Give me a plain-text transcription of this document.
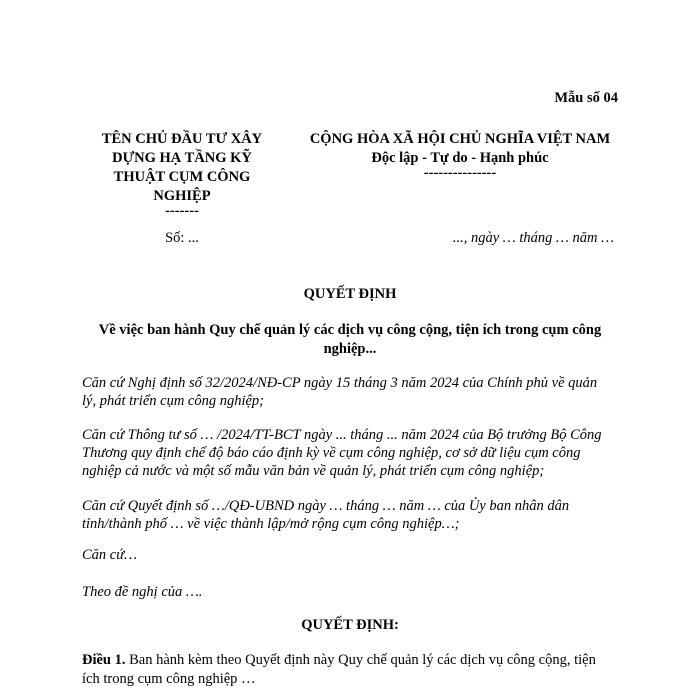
Mẫu số 04
TÊN CHỦ ĐẦU TƯ XÂY
DỰNG HẠ TẦNG KỸ
THUẬT CỤM CÔNG
NGHIỆP
-------
CỘNG HÒA XÃ HỘI CHỦ NGHĨA VIỆT NAM
Độc lập - Tự do - Hạnh phúc
---------------
Số: ...	..., ngày … tháng … năm …
QUYẾT ĐỊNH
Về việc ban hành Quy chế quản lý các dịch vụ công cộng, tiện ích trong cụm công
nghiệp...
Căn cứ Nghị định số 32/2024/NĐ-CP ngày 15 tháng 3 năm 2024 của Chính phủ về quản
lý, phát triển cụm công nghiệp;
Căn cứ Thông tư số … /2024/TT-BCT ngày ... tháng ... năm 2024 của Bộ trưởng Bộ Công
Thương quy định chế độ báo cáo định kỳ về cụm công nghiệp, cơ sở dữ liệu cụm công
nghiệp cả nước và một số mẫu văn bản về quản lý, phát triển cụm công nghiệp;
Căn cứ Quyết định số …/QĐ-UBND ngày … tháng … năm … của Ủy ban nhân dân
tỉnh/thành phố … về việc thành lập/mở rộng cụm công nghiệp…;
Căn cứ…
Theo đề nghị của ….
QUYẾT ĐỊNH:
Điều 1. Ban hành kèm theo Quyết định này Quy chế quản lý các dịch vụ công cộng, tiện
ích trong cụm công nghiệp …
